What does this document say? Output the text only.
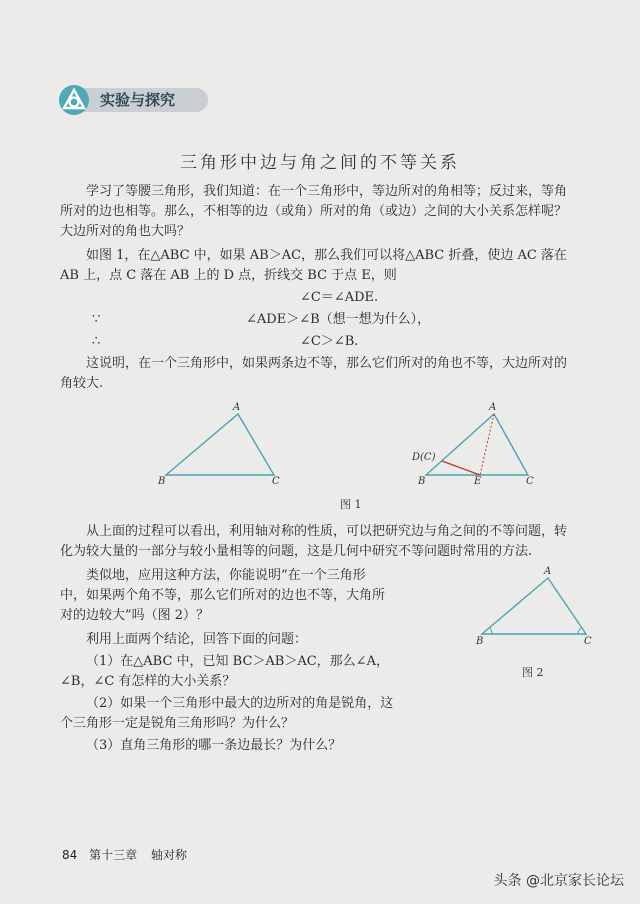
实验与探究
三角形中边与角之间的不等关系
学习了等腰三角形，我们知道：在一个三角形中，等边所对的角相等；反过来，等角
所对的边也相等。那么，不相等的边（或角）所对的角（或边）之间的大小关系怎样呢？
大边所对的角也大吗？
如图 1，在△ABC 中，如果 AB＞AC，那么我们可以将△ABC 折叠，使边 AC 落在
AB 上，点 C 落在 AB 上的 D 点，折线交 BC 于点 E，则
∠C＝∠ADE.
∵	∠ADE＞∠B（想一想为什么），
∴	∠C＞∠B.
这说明，在一个三角形中，如果两条边不等，那么它们所对的角也不等，大边所对的
角较大.
A
B	C
A
D(C)
B	E	C
图 1
从上面的过程可以看出，利用轴对称的性质，可以把研究边与角之间的不等问题，转
化为较大量的一部分与较小量相等的问题，这是几何中研究不等问题时常用的方法.
类似地，应用这种方法，你能说明“在一个三角形
中，如果两个角不等，那么它们所对的边也不等，大角所
对的边较大”吗（图 2）？
利用上面两个结论，回答下面的问题：
（1）在△ABC 中，已知 BC＞AB＞AC，那么∠A，
∠B，∠C 有怎样的大小关系？
（2）如果一个三角形中最大的边所对的角是锐角，这
个三角形一定是锐角三角形吗？为什么？
（3）直角三角形的哪一条边最长？为什么？
A
B	C
图 2
84 第十三章 轴对称
头条 @北京家长论坛
